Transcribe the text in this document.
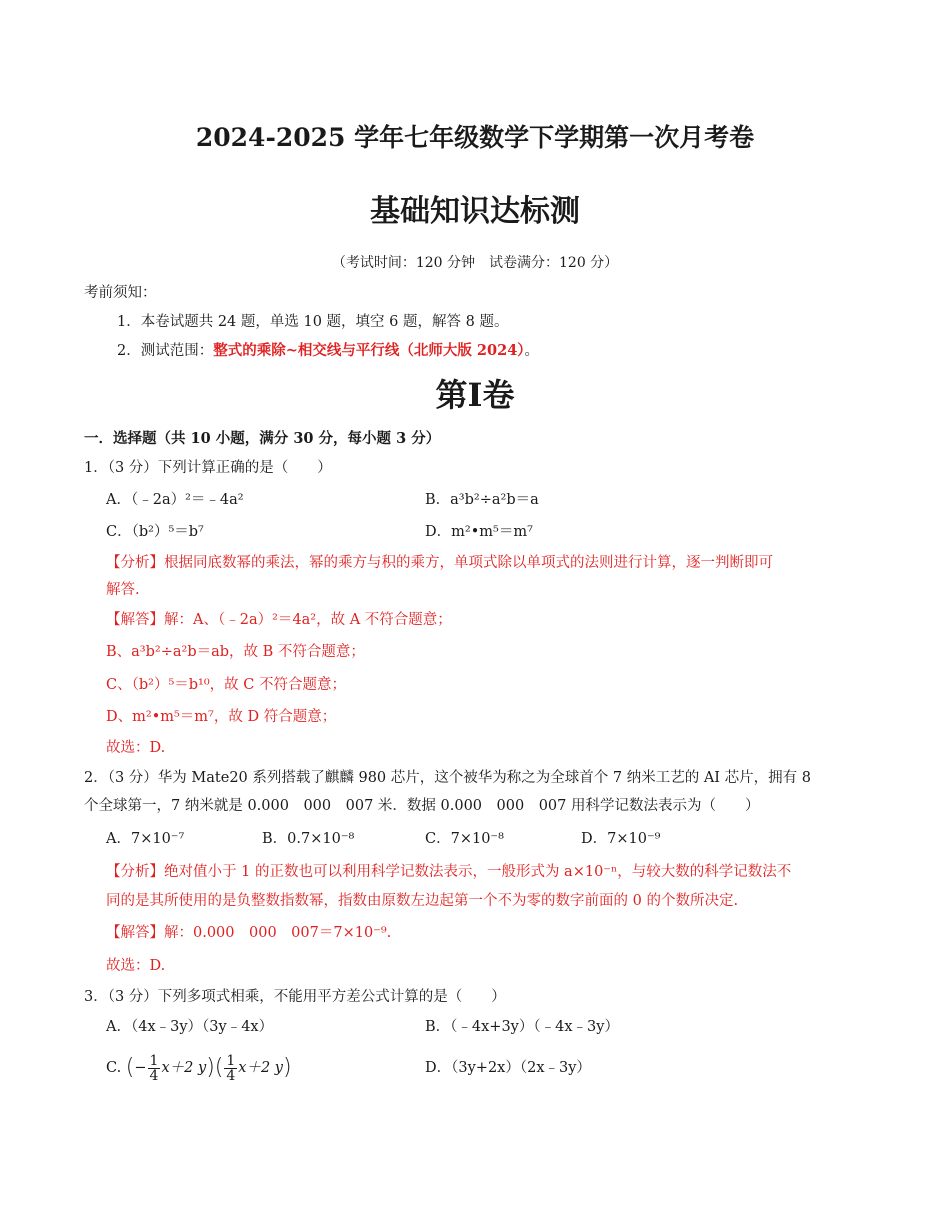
2024-2025 学年七年级数学下学期第一次月考卷
基础知识达标测
（考试时间：120 分钟　试卷满分：120 分）
考前须知：
1．本卷试题共 24 题，单选 10 题，填空 6 题，解答 8 题。
2．测试范围：整式的乘除~相交线与平行线（北师大版 2024）。
第Ⅰ卷
一．选择题（共 10 小题，满分 30 分，每小题 3 分）
1．（3 分）下列计算正确的是（　　）
A．（﹣2a）²＝﹣4a²	B．a³b²÷a²b＝a
C．（b²）⁵＝b⁷	D．m²•m⁵＝m⁷
【分析】根据同底数幂的乘法，幂的乘方与积的乘方，单项式除以单项式的法则进行计算，逐一判断即可
解答.
【解答】解：A、（﹣2a）²＝4a²，故 A 不符合题意；
B、a³b²÷a²b＝ab，故 B 不符合题意；
C、（b²）⁵＝b¹⁰，故 C 不符合题意；
D、m²•m⁵＝m⁷，故 D 符合题意；
故选：D.
2．（3 分）华为 Mate20 系列搭载了麒麟 980 芯片，这个被华为称之为全球首个 7 纳米工艺的 AI 芯片，拥有 8
个全球第一，7 纳米就是 0.000　000　007 米．数据 0.000　000　007 用科学记数法表示为（　　）
A．7×10⁻⁷	B．0.7×10⁻⁸	C．7×10⁻⁸	D．7×10⁻⁹
【分析】绝对值小于 1 的正数也可以利用科学记数法表示，一般形式为 a×10⁻ⁿ，与较大数的科学记数法不
同的是其所使用的是负整数指数幂，指数由原数左边起第一个不为零的数字前面的 0 的个数所决定.
【解答】解：0.000　000　007＝7×10⁻⁹.
故选：D.
3．（3 分）下列多项式相乘，不能用平方差公式计算的是（　　）
A．（4x﹣3y）（3y﹣4x）	B．（﹣4x+3y）（﹣4x﹣3y）
C. (− $\frac{1}{4} x+2$ $y)( \frac{1}{4} x+2$ y)	D．（3y+2x）（2x﹣3y）
